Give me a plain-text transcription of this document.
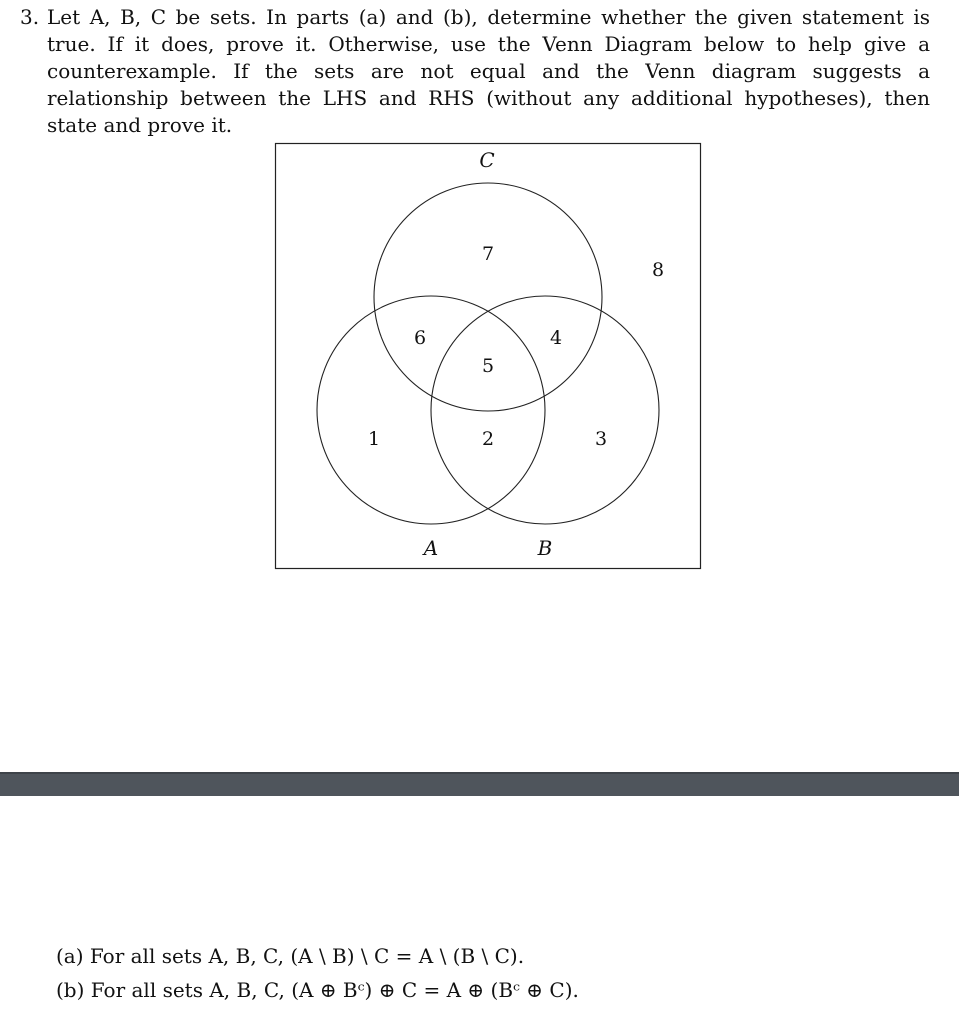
3. Let A, B, C be sets. In parts (a) and (b), determine whether the given statement is true. If it does, prove it. Otherwise, use the Venn Diagram below to help give a counterexample. If the sets are not equal and the Venn diagram suggests a relationship between the LHS and RHS (without any additional hypotheses), then state and prove it.
C
A	B
7
8
6	4
5
1	2	3
(a) For all sets A, B, C, (A \ B) \ C = A \ (B \ C).
(b) For all sets A, B, C, (A ⊕ Bᶜ) ⊕ C = A ⊕ (Bᶜ ⊕ C).
